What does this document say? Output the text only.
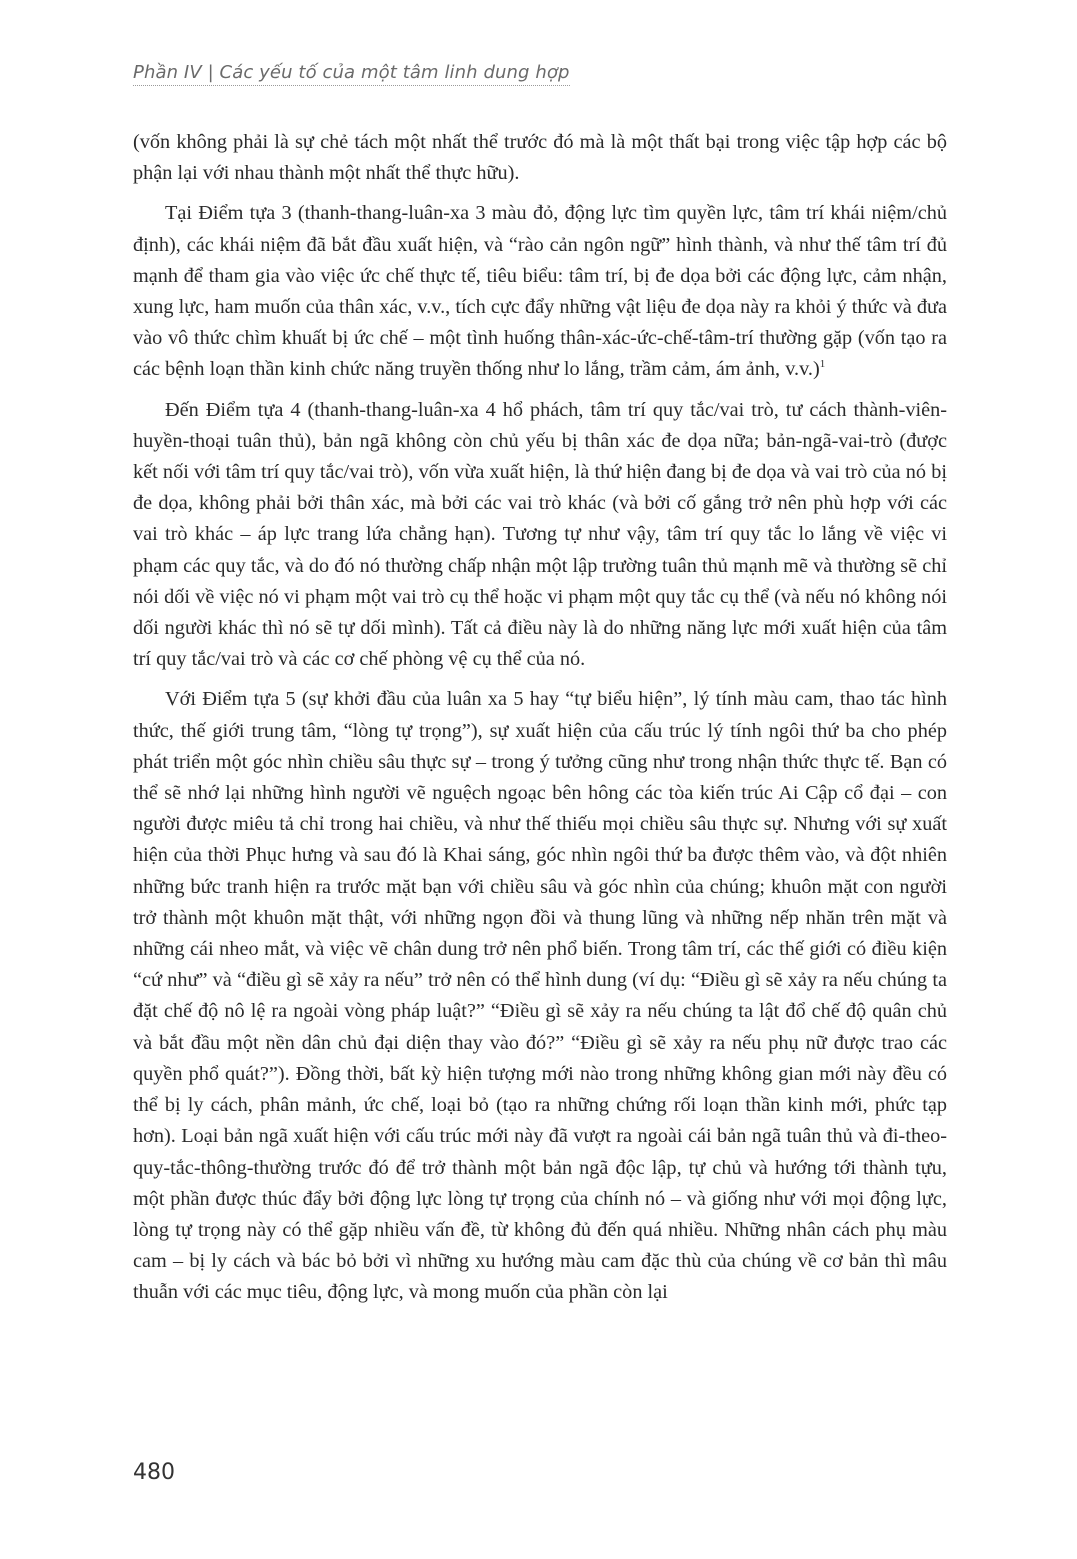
Phần IV | Các yếu tố của một tâm linh dung hợp

(vốn không phải là sự chẻ tách một nhất thể trước đó mà là một thất bại trong việc tập hợp các bộ phận lại với nhau thành một nhất thể thực hữu).

Tại Điểm tựa 3 (thanh-thang-luân-xa 3 màu đỏ, động lực tìm quyền lực, tâm trí khái niệm/chủ định), các khái niệm đã bắt đầu xuất hiện, và “rào cản ngôn ngữ” hình thành, và như thế tâm trí đủ mạnh để tham gia vào việc ức chế thực tế, tiêu biểu: tâm trí, bị đe dọa bởi các động lực, cảm nhận, xung lực, ham muốn của thân xác, v.v., tích cực đẩy những vật liệu đe dọa này ra khỏi ý thức và đưa vào vô thức chìm khuất bị ức chế – một tình huống thân-xác-ức-chế-tâm-trí thường gặp (vốn tạo ra các bệnh loạn thần kinh chức năng truyền thống như lo lắng, trầm cảm, ám ảnh, v.v.)$^1$

Đến Điểm tựa 4 (thanh-thang-luân-xa 4 hổ phách, tâm trí quy tắc/vai trò, tư cách thành-viên-huyền-thoại tuân thủ), bản ngã không còn chủ yếu bị thân xác đe dọa nữa; bản-ngã-vai-trò (được kết nối với tâm trí quy tắc/vai trò), vốn vừa xuất hiện, là thứ hiện đang bị đe dọa và vai trò của nó bị đe dọa, không phải bởi thân xác, mà bởi các vai trò khác (và bởi cố gắng trở nên phù hợp với các vai trò khác – áp lực trang lứa chẳng hạn). Tương tự như vậy, tâm trí quy tắc lo lắng về việc vi phạm các quy tắc, và do đó nó thường chấp nhận một lập trường tuân thủ mạnh mẽ và thường sẽ chỉ nói dối về việc nó vi phạm một vai trò cụ thể hoặc vi phạm một quy tắc cụ thể (và nếu nó không nói dối người khác thì nó sẽ tự dối mình). Tất cả điều này là do những năng lực mới xuất hiện của tâm trí quy tắc/vai trò và các cơ chế phòng vệ cụ thể của nó.

Với Điểm tựa 5 (sự khởi đầu của luân xa 5 hay “tự biểu hiện”, lý tính màu cam, thao tác hình thức, thế giới trung tâm, “lòng tự trọng”), sự xuất hiện của cấu trúc lý tính ngôi thứ ba cho phép phát triển một góc nhìn chiều sâu thực sự – trong ý tưởng cũng như trong nhận thức thực tế. Bạn có thể sẽ nhớ lại những hình người vẽ nguệch ngoạc bên hông các tòa kiến trúc Ai Cập cổ đại – con người được miêu tả chỉ trong hai chiều, và như thế thiếu mọi chiều sâu thực sự. Nhưng với sự xuất hiện của thời Phục hưng và sau đó là Khai sáng, góc nhìn ngôi thứ ba được thêm vào, và đột nhiên những bức tranh hiện ra trước mặt bạn với chiều sâu và góc nhìn của chúng; khuôn mặt con người trở thành một khuôn mặt thật, với những ngọn đồi và thung lũng và những nếp nhăn trên mặt và những cái nheo mắt, và việc vẽ chân dung trở nên phổ biến. Trong tâm trí, các thế giới có điều kiện “cứ như” và “điều gì sẽ xảy ra nếu” trở nên có thể hình dung (ví dụ: “Điều gì sẽ xảy ra nếu chúng ta đặt chế độ nô lệ ra ngoài vòng pháp luật?” “Điều gì sẽ xảy ra nếu chúng ta lật đổ chế độ quân chủ và bắt đầu một nền dân chủ đại diện thay vào đó?” “Điều gì sẽ xảy ra nếu phụ nữ được trao các quyền phổ quát?”). Đồng thời, bất kỳ hiện tượng mới nào trong những không gian mới này đều có thể bị ly cách, phân mảnh, ức chế, loại bỏ (tạo ra những chứng rối loạn thần kinh mới, phức tạp hơn). Loại bản ngã xuất hiện với cấu trúc mới này đã vượt ra ngoài cái bản ngã tuân thủ và đi-theo-quy-tắc-thông-thường trước đó để trở thành một bản ngã độc lập, tự chủ và hướng tới thành tựu, một phần được thúc đẩy bởi động lực lòng tự trọng của chính nó – và giống như với mọi động lực, lòng tự trọng này có thể gặp nhiều vấn đề, từ không đủ đến quá nhiều. Những nhân cách phụ màu cam – bị ly cách và bác bỏ bởi vì những xu hướng màu cam đặc thù của chúng về cơ bản thì mâu thuẫn với các mục tiêu, động lực, và mong muốn của phần còn lại

480
